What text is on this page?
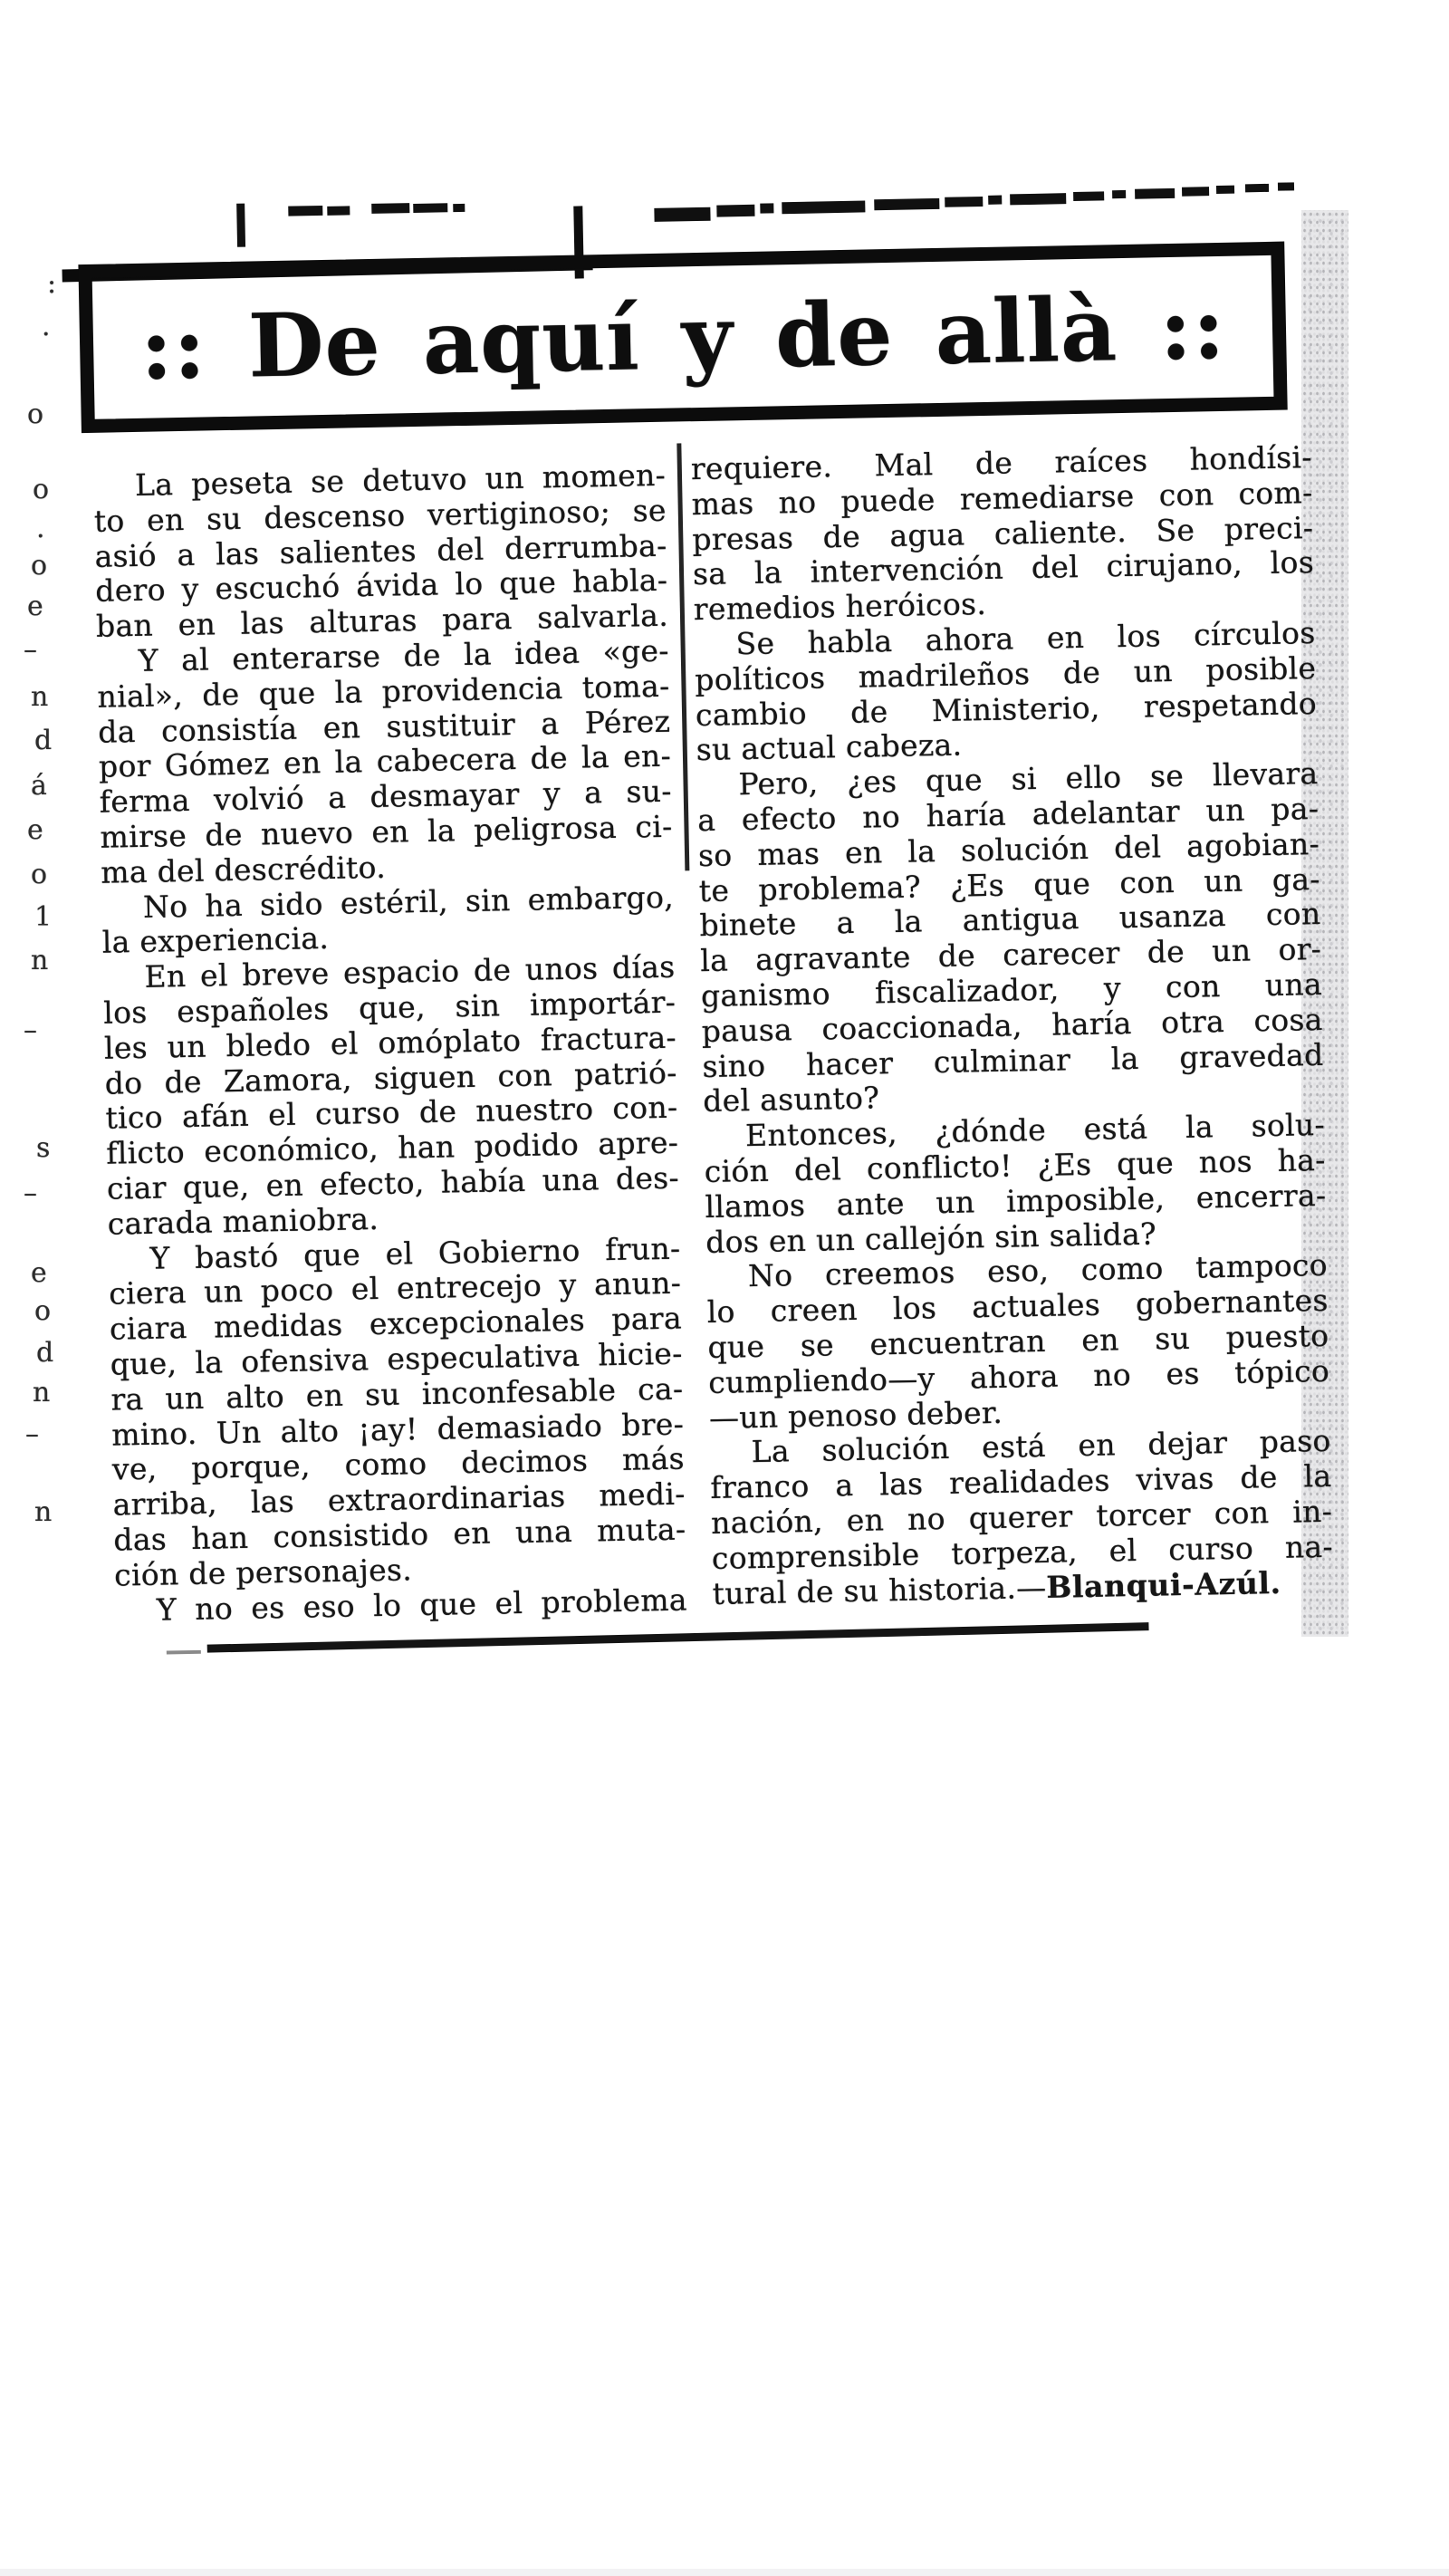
:: De aquí y de allà ::
La peseta se detuvo un momen-
to en su descenso vertiginoso; se
asió a las salientes del derrumba-
dero y escuchó ávida lo que habla-
ban en las alturas para salvarla.
Y al enterarse de la idea «ge-
nial», de que la providencia toma-
da consistía en sustituir a Pérez
por Gómez en la cabecera de la en-
ferma volvió a desmayar y a su-
mirse de nuevo en la peligrosa ci-
ma del descrédito.
No ha sido estéril, sin embargo,
la experiencia.
En el breve espacio de unos días
los españoles que, sin importár-
les un bledo el omóplato fractura-
do de Zamora, siguen con patrió-
tico afán el curso de nuestro con-
flicto económico, han podido apre-
ciar que, en efecto, había una des-
carada maniobra.
Y bastó que el Gobierno frun-
ciera un poco el entrecejo y anun-
ciara medidas excepcionales para
que, la ofensiva especulativa hicie-
ra un alto en su inconfesable ca-
mino. Un alto ¡ay! demasiado bre-
ve, porque, como decimos más
arriba, las extraordinarias medi-
das han consistido en una muta-
ción de personajes.
Y no es eso lo que el problema
requiere. Mal de raíces hondísi-
mas no puede remediarse con com-
presas de agua caliente. Se preci-
sa la intervención del cirujano, los
remedios heróicos.
Se habla ahora en los círculos
políticos madrileños de un posible
cambio de Ministerio, respetando
su actual cabeza.
Pero, ¿es que si ello se llevara
a efecto no haría adelantar un pa-
so mas en la solución del agobian-
te problema? ¿Es que con un ga-
binete a la antigua usanza con
la agravante de carecer de un or-
ganismo fiscalizador, y con una
pausa coaccionada, haría otra cosa
sino hacer culminar la gravedad
del asunto?
Entonces, ¿dónde está la solu-
ción del conflicto! ¿Es que nos ha-
llamos ante un imposible, encerra-
dos en un callejón sin salida?
No creemos eso, como tampoco
lo creen los actuales gobernantes
que se encuentran en su puesto
cumpliendo—y ahora no es tópico
—un penoso deber.
La solución está en dejar paso
franco a las realidades vivas de la
nación, en no querer torcer con in-
comprensible torpeza, el curso na-
tural de su historia.—Blanqui-Azúl.
:
·
o
o
.
o
e
–
n
d
á
e
o
1
n
–
s
–
e
o
d
n
–
n
